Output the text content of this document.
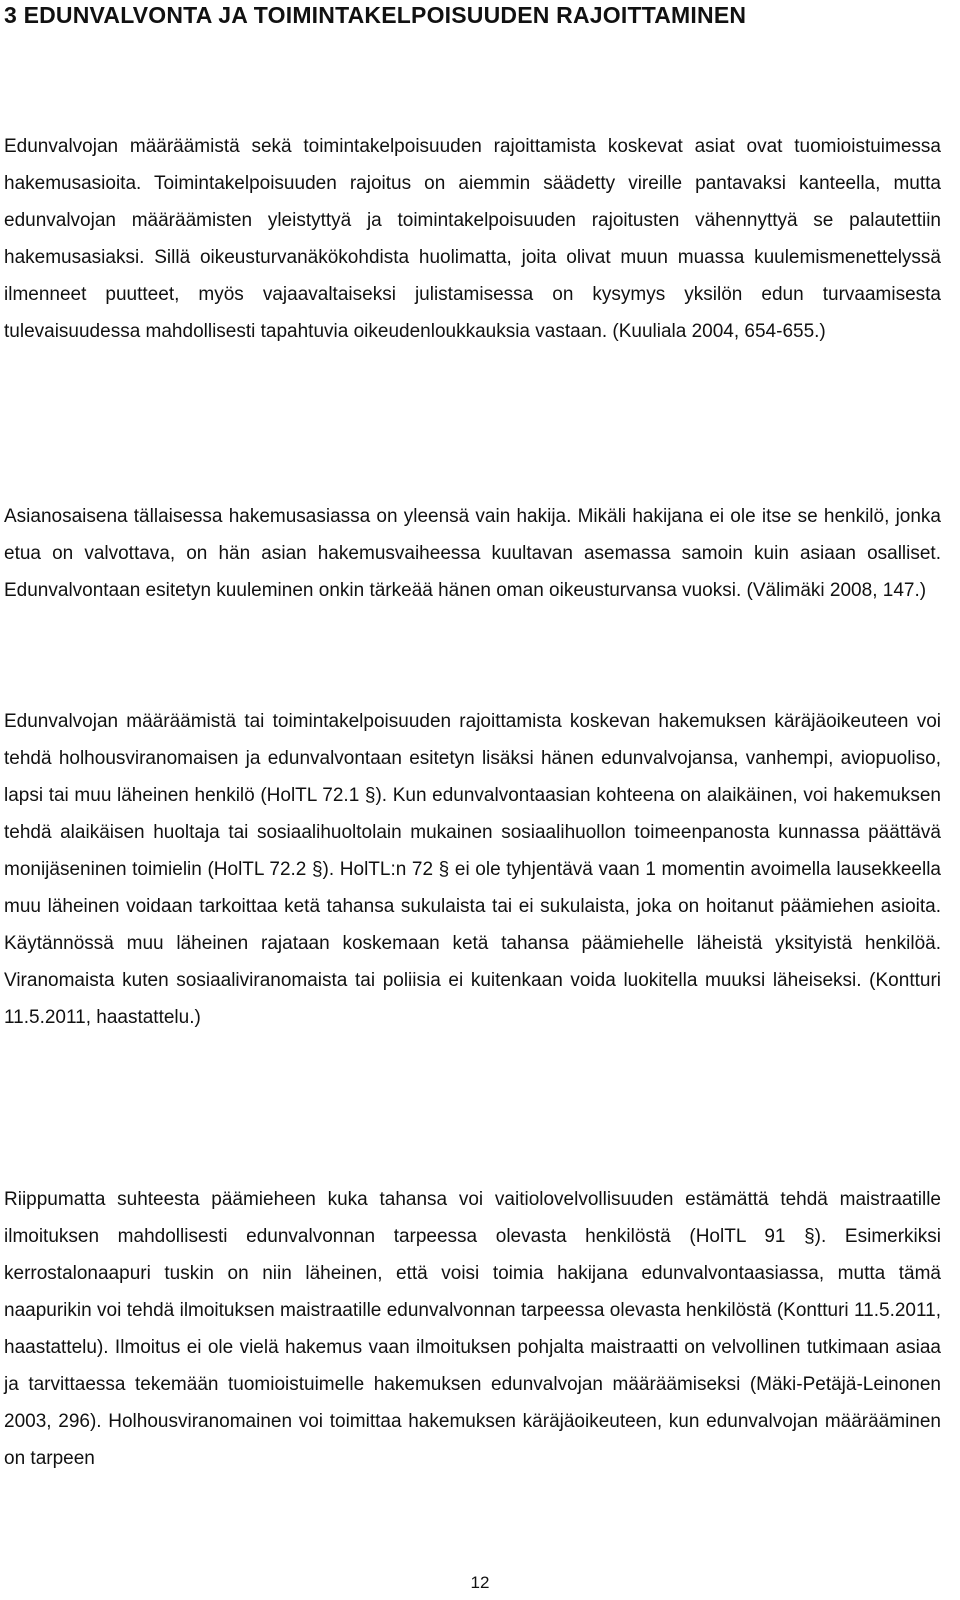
3 EDUNVALVONTA JA TOIMINTAKELPOISUUDEN RAJOITTAMINEN

Edunvalvojan määräämistä sekä toimintakelpoisuuden rajoittamista koskevat asiat ovat tuomioistuimessa hakemusasioita. Toimintakelpoisuuden rajoitus on aiemmin säädetty vireille pantavaksi kanteella, mutta edunvalvojan määräämisten yleistyttyä ja toimintakelpoisuuden rajoitusten vähennyttyä se palautettiin hakemusasiaksi. Sillä oikeusturvanäkökohdista huolimatta, joita olivat muun muassa kuulemismenettelyssä ilmenneet puutteet, myös vajaavaltaiseksi julistamisessa on kysymys yksilön edun turvaamisesta tulevaisuudessa mahdollisesti tapahtuvia oikeudenloukkauksia vastaan. (Kuuliala 2004, 654-655.)

Asianosaisena tällaisessa hakemusasiassa on yleensä vain hakija. Mikäli hakijana ei ole itse se henkilö, jonka etua on valvottava, on hän asian hakemusvaiheessa kuultavan asemassa samoin kuin asiaan osalliset. Edunvalvontaan esitetyn kuuleminen onkin tärkeää hänen oman oikeusturvansa vuoksi. (Välimäki 2008, 147.)

Edunvalvojan määräämistä tai toimintakelpoisuuden rajoittamista koskevan hakemuksen käräjäoikeuteen voi tehdä holhousviranomaisen ja edunvalvontaan esitetyn lisäksi hänen edunvalvojansa, vanhempi, aviopuoliso, lapsi tai muu läheinen henkilö (HolTL 72.1 §). Kun edunvalvontaasian kohteena on alaikäinen, voi hakemuksen tehdä alaikäisen huoltaja tai sosiaalihuoltolain mukainen sosiaalihuollon toimeenpanosta kunnassa päättävä monijäseninen toimielin (HolTL 72.2 §). HolTL:n 72 § ei ole tyhjentävä vaan 1 momentin avoimella lausekkeella muu läheinen voidaan tarkoittaa ketä tahansa sukulaista tai ei sukulaista, joka on hoitanut päämiehen asioita. Käytännössä muu läheinen rajataan koskemaan ketä tahansa päämiehelle läheistä yksityistä henkilöä. Viranomaista kuten sosiaaliviranomaista tai poliisia ei kuitenkaan voida luokitella muuksi läheiseksi. (Kontturi 11.5.2011, haastattelu.)

Riippumatta suhteesta päämieheen kuka tahansa voi vaitiolovelvollisuuden estämättä tehdä maistraatille ilmoituksen mahdollisesti edunvalvonnan tarpeessa olevasta henkilöstä (HolTL 91 §). Esimerkiksi kerrostalonaapuri tuskin on niin läheinen, että voisi toimia hakijana edunvalvontaasiassa, mutta tämä naapurikin voi tehdä ilmoituksen maistraatille edunvalvonnan tarpeessa olevasta henkilöstä (Kontturi 11.5.2011, haastattelu). Ilmoitus ei ole vielä hakemus vaan ilmoituksen pohjalta maistraatti on velvollinen tutkimaan asiaa ja tarvittaessa tekemään tuomioistuimelle hakemuksen edunvalvojan määräämiseksi (Mäki-Petäjä-Leinonen 2003, 296). Holhousviranomainen voi toimittaa hakemuksen käräjäoikeuteen, kun edunvalvojan määrääminen on tarpeen

12
